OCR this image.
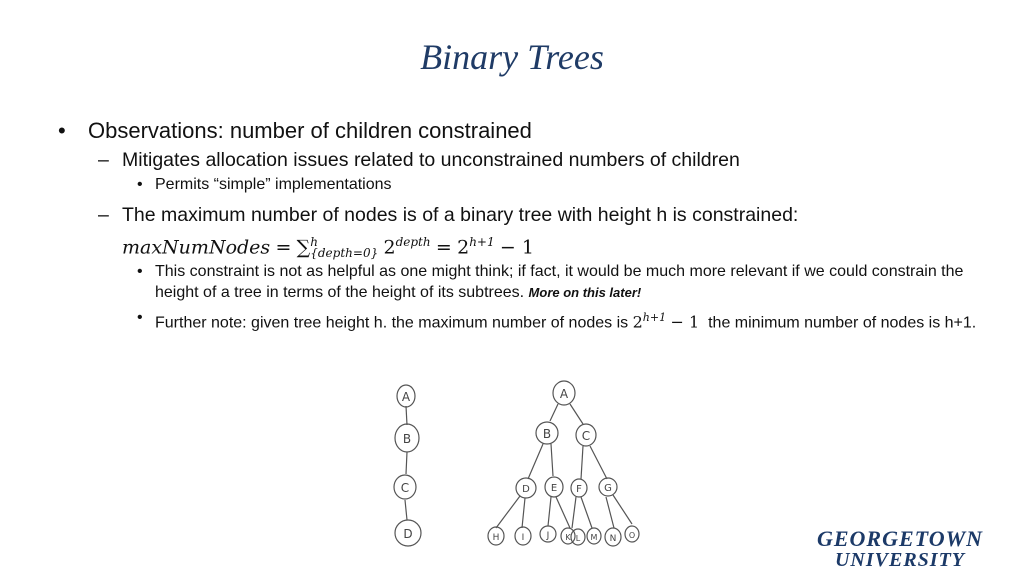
Binary Trees
• Observations: number of children constrained
– Mitigates allocation issues related to unconstrained numbers of children
• Permits “simple” implementations
– The maximum number of nodes is of a binary tree with height h is constrained:
maxNumNodes = ∑ h
{depth=0} $2^{depth} = 2^{h+1} - 1$
• This constraint is not as helpful as one might think; if fact, it would be much more relevant if we could constrain the height of a tree in terms of the height of its subtrees. More on this later!
• Further note: given tree height h. the maximum number of nodes is $2^{h+1} - 1$ the minimum number of nodes is h+1.
A
B
C
D
A
B	C
D E F G
H I J K L M N O	GEORGETOWN
UNIVERSITY
